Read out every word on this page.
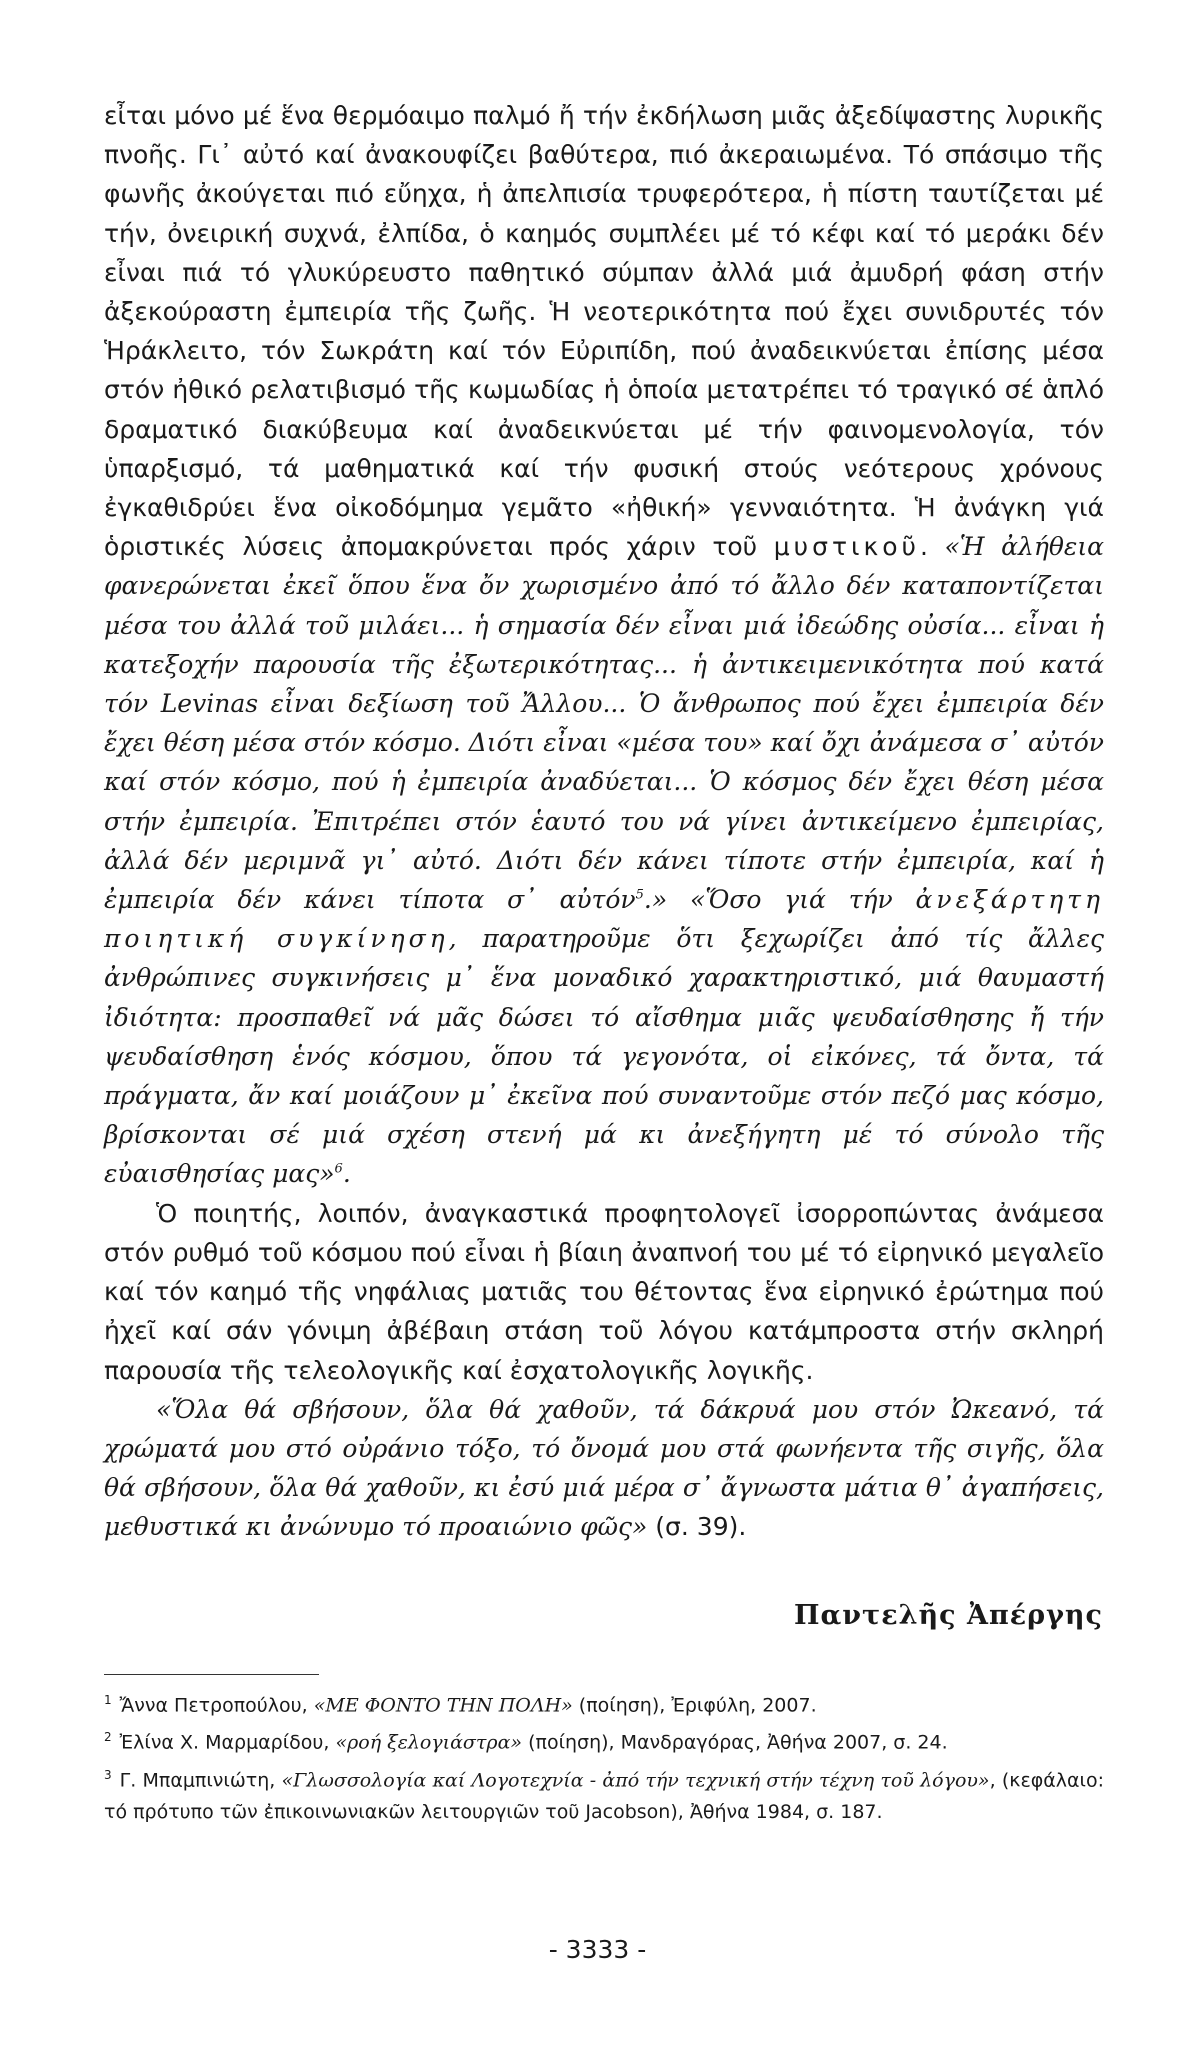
εἶται μόνο μέ ἕνα θερμόαιμο παλμό ἤ τήν ἐκδήλωση μιᾶς ἀξεδίψαστης λυρικῆς πνοῆς. Γι᾽ αὐτό καί ἀνακουφίζει βαθύτερα, πιό ἀκεραιωμένα. Τό σπάσιμο τῆς φωνῆς ἀκούγεται πιό εὔηχα, ἡ ἀπελπισία τρυφερότερα, ἡ πίστη ταυτίζεται μέ τήν, ὀνειρική συχνά, ἐλπίδα, ὁ καημός συμπλέει μέ τό κέφι καί τό μεράκι δέν εἶναι πιά τό γλυκύρευστο παθητικό σύμπαν ἀλλά μιά ἀμυδρή φάση στήν ἀξεκούραστη ἐμπειρία τῆς ζωῆς. Ἡ νεοτερικότητα πού ἔχει συνιδρυτές τόν Ἡράκλειτο, τόν Σωκράτη καί τόν Εὐριπίδη, πού ἀναδεικνύεται ἐπίσης μέσα στόν ἠθικό ρελατιβισμό τῆς κωμωδίας ἡ ὁποία μετατρέπει τό τραγικό σέ ἁπλό δραματικό διακύβευμα καί ἀναδεικνύεται μέ τήν φαινομενολογία, τόν ὑπαρξισμό, τά μαθηματικά καί τήν φυσική στούς νεότερους χρόνους ἐγκαθιδρύει ἕνα οἰκοδόμημα γεμᾶτο «ἠθική» γενναιότητα. Ἡ ἀνάγκη γιά ὁριστικές λύσεις ἀπομακρύνεται πρός χάριν τοῦ μυστικοῦ. «Ἡ ἀλήθεια φανερώνεται ἐκεῖ ὅπου ἕνα ὄν χωρισμένο ἀπό τό ἄλλο δέν καταποντίζεται μέσα του ἀλλά τοῦ μιλάει... ἡ σημασία δέν εἶναι μιά ἰδεώδης οὐσία... εἶναι ἡ κατεξοχήν παρουσία τῆς ἐξωτερικότητας... ἡ ἀντικειμενικότητα πού κατά τόν Levinas εἶναι δεξίωση τοῦ Ἄλλου... Ὁ ἄνθρωπος πού ἔχει ἐμπειρία δέν ἔχει θέση μέσα στόν κόσμο. Διότι εἶναι «μέσα του» καί ὄχι ἀνάμεσα σ᾽ αὐτόν καί στόν κόσμο, πού ἡ ἐμπειρία ἀναδύεται... Ὁ κόσμος δέν ἔχει θέση μέσα στήν ἐμπειρία. Ἐπιτρέπει στόν ἑαυτό του νά γίνει ἀντικείμενο ἐμπειρίας, ἀλλά δέν μεριμνᾶ γι᾽ αὐτό. Διότι δέν κάνει τίποτε στήν ἐμπειρία, καί ἡ ἐμπειρία δέν κάνει τίποτα σ᾽ αὐτόν$^5$.» «Ὅσο γιά τήν ἀνεξάρτητη ποιητική συγκίνηση, παρατηροῦμε ὅτι ξεχωρίζει ἀπό τίς ἄλλες ἀνθρώπινες συγκινήσεις μ᾽ ἕνα μοναδικό χαρακτηριστικό, μιά θαυμαστή ἰδιότητα: προσπαθεῖ νά μᾶς δώσει τό αἴσθημα μιᾶς ψευδαίσθησης ἤ τήν ψευδαίσθηση ἑνός κόσμου, ὅπου τά γεγονότα, οἱ εἰκόνες, τά ὄντα, τά πράγματα, ἄν καί μοιάζουν μ᾽ ἐκεῖνα πού συναντοῦμε στόν πεζό μας κόσμο, βρίσκονται σέ μιά σχέση στενή μά κι ἀνεξήγητη μέ τό σύνολο τῆς εὐαισθησίας μας»$^6$.

Ὁ ποιητής, λοιπόν, ἀναγκαστικά προφητολογεῖ ἰσορροπώντας ἀνάμεσα στόν ρυθμό τοῦ κόσμου πού εἶναι ἡ βίαιη ἀναπνοή του μέ τό εἰρηνικό μεγαλεῖο καί τόν καημό τῆς νηφάλιας ματιᾶς του θέτοντας ἕνα εἰρηνικό ἐρώτημα πού ἠχεῖ καί σάν γόνιμη ἀβέβαιη στάση τοῦ λόγου κατάμπροστα στήν σκληρή παρουσία τῆς τελεολογικῆς καί ἐσχατολογικῆς λογικῆς.

«Ὅλα θά σβήσουν, ὅλα θά χαθοῦν, τά δάκρυά μου στόν Ὠκεανό, τά χρώματά μου στό οὐράνιο τόξο, τό ὄνομά μου στά φωνήεντα τῆς σιγῆς, ὅλα θά σβήσουν, ὅλα θά χαθοῦν, κι ἐσύ μιά μέρα σ᾽ ἄγνωστα μάτια θ᾽ ἀγαπήσεις, μεθυστικά κι ἀνώνυμο τό προαιώνιο φῶς» (σ. 39).

Παντελῆς Ἀπέργης

$^1$ Ἄννα Πετροπούλου, «ΜΕ ΦΟΝΤΟ ΤΗΝ ΠΟΛΗ» (ποίηση), Ἐριφύλη, 2007.

$^2$ Ἐλίνα Χ. Μαρμαρίδου, «ροή ξελογιάστρα» (ποίηση), Μανδραγόρας, Ἀθήνα 2007, σ. 24.

$^3$ Γ. Μπαμπινιώτη, «Γλωσσολογία καί Λογοτεχνία - ἀπό τήν τεχνική στήν τέχνη τοῦ λόγου», (κεφάλαιο: τό πρότυπο τῶν ἐπικοινωνιακῶν λειτουργιῶν τοῦ Jacobson), Ἀθήνα 1984, σ. 187.

- 3333 -
